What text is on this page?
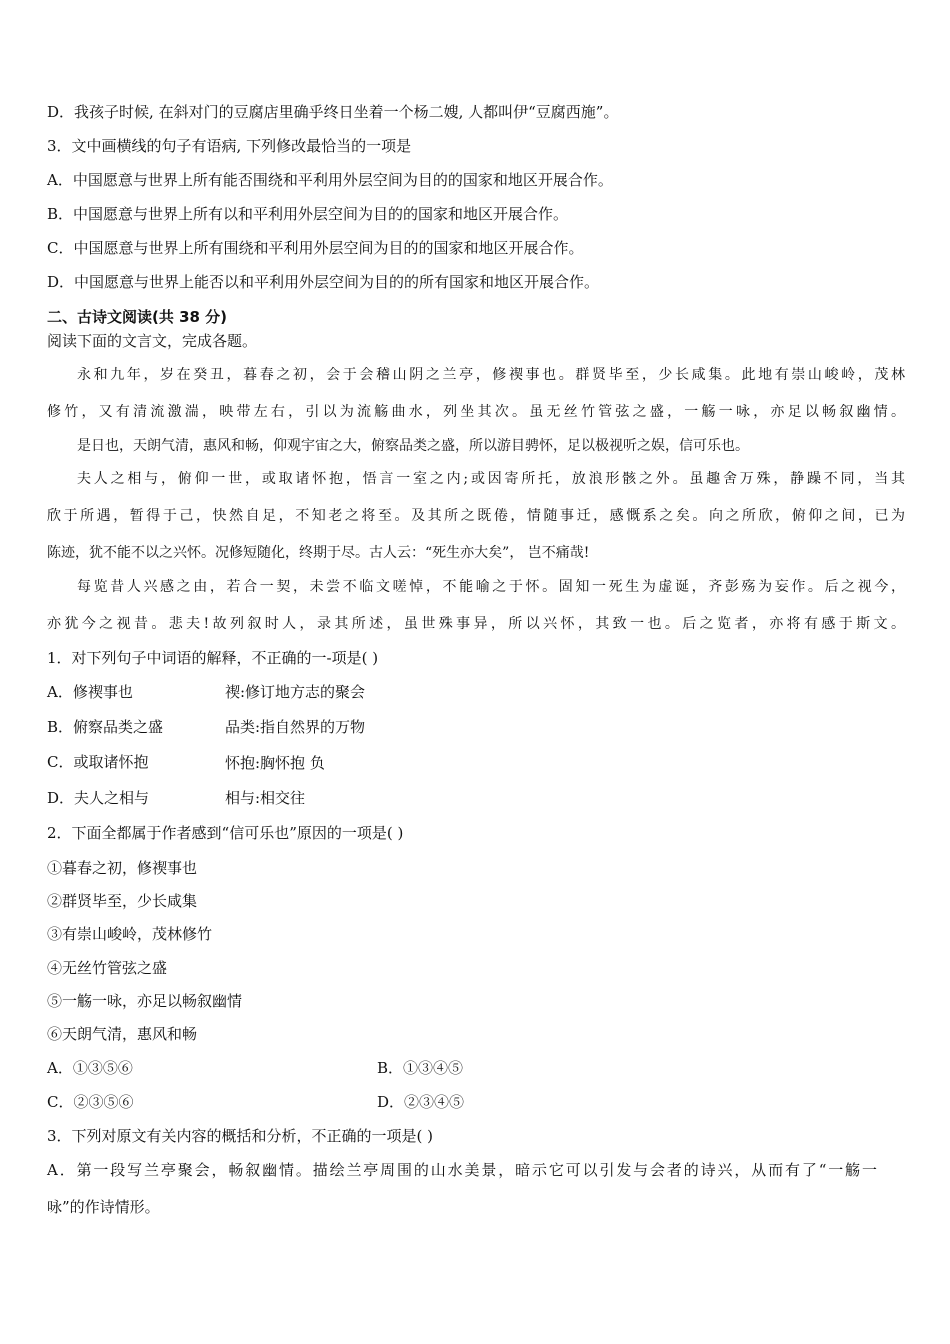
D．我孩子时候, 在斜对门的豆腐店里确乎终日坐着一个杨二嫂, 人都叫伊“豆腐西施”。
3．文中画横线的句子有语病, 下列修改最恰当的一项是
A．中国愿意与世界上所有能否围绕和平利用外层空间为目的的国家和地区开展合作。
B．中国愿意与世界上所有以和平利用外层空间为目的的国家和地区开展合作。
C．中国愿意与世界上所有围绕和平利用外层空间为目的的国家和地区开展合作。
D．中国愿意与世界上能否以和平利用外层空间为目的的所有国家和地区开展合作。
二、古诗文阅读(共 38 分)
阅读下面的文言文，完成各题。
永和九年，岁在癸丑，暮春之初，会于会稽山阴之兰亭，修禊事也。群贤毕至，少长咸集。此地有崇山峻岭，茂林
修竹，又有清流激湍，映带左右，引以为流觞曲水，列坐其次。虽无丝竹管弦之盛，一觞一咏，亦足以畅叙幽情。
是日也，天朗气清，惠风和畅，仰观宇宙之大，俯察品类之盛，所以游目骋怀，足以极视听之娱，信可乐也。
夫人之相与，俯仰一世，或取诸怀抱，悟言一室之内;或因寄所托，放浪形骸之外。虽趣舍万殊，静躁不同，当其
欣于所遇，暂得于己，快然自足，不知老之将至。及其所之既倦，情随事迁，感慨系之矣。向之所欣，俯仰之间，已为
陈迹，犹不能不以之兴怀。况修短随化，终期于尽。古人云：“死生亦大矣”， 岂不痛哉!
每览昔人兴感之由，若合一契，未尝不临文嗟悼，不能喻之于怀。固知一死生为虚诞，齐彭殇为妄作。后之视今，
亦犹今之视昔。悲夫!故列叙时人，录其所述，虽世殊事异，所以兴怀，其致一也。后之览者，亦将有感于斯文。
1．对下列句子中词语的解释，不正确的一-项是( )
A．修禊事也	禊:修订地方志的聚会
B．俯察品类之盛	品类:指自然界的万物
C．或取诸怀抱	怀抱:胸怀抱 负
D．夫人之相与	相与:相交往
2．下面全都属于作者感到“信可乐也”原因的一项是( )
①暮春之初，修禊事也
②群贤毕至，少长咸集
③有崇山峻岭，茂林修竹
④无丝竹管弦之盛
⑤一觞一咏，亦足以畅叙幽情
⑥天朗气清，惠风和畅
A．①③⑤⑥	B．①③④⑤
C．②③⑤⑥	D．②③④⑤
3．下列对原文有关内容的概括和分析，不正确的一项是( )
A．第一段写兰亭聚会，畅叙幽情。描绘兰亭周围的山水美景，暗示它可以引发与会者的诗兴，从而有了“一觞一
咏”的作诗情形。
